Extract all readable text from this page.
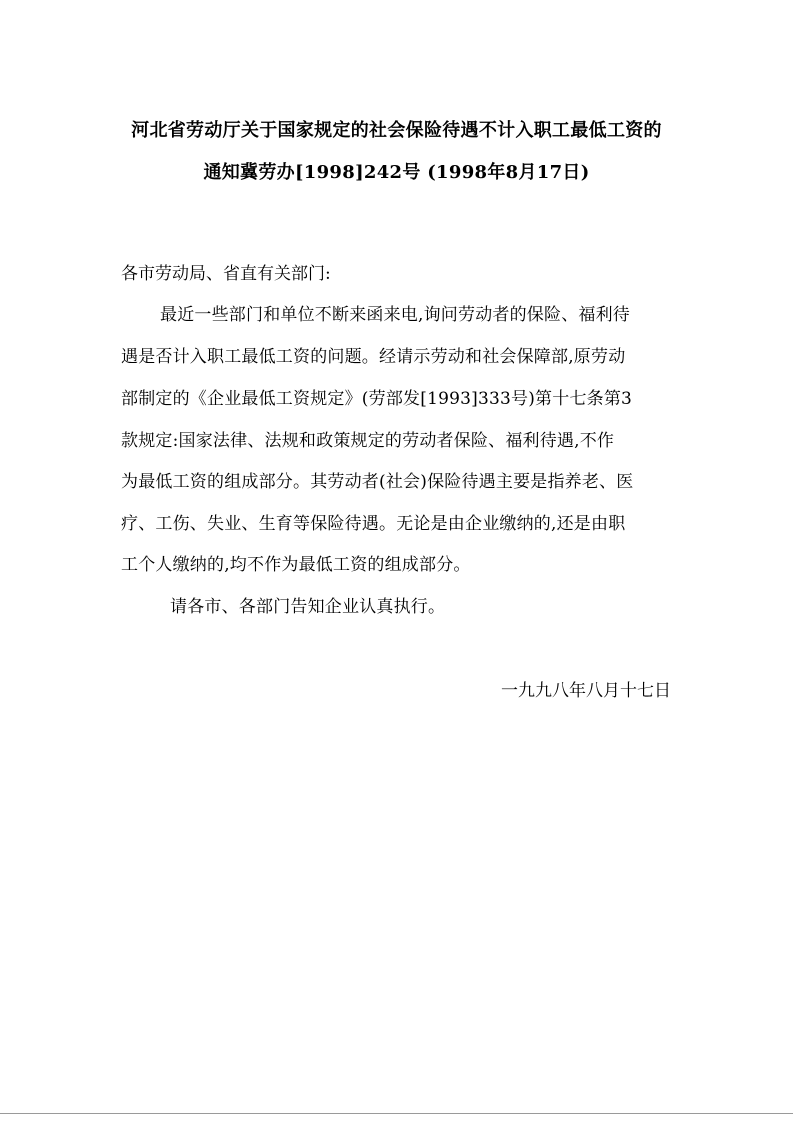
河北省劳动厅关于国家规定的社会保险待遇不计入职工最低工资的
通知冀劳办[1998]242号 (1998年8月17日)
各市劳动局、省直有关部门:
最近一些部门和单位不断来函来电,询问劳动者的保险、福利待
遇是否计入职工最低工资的问题。经请示劳动和社会保障部,原劳动
部制定的《企业最低工资规定》(劳部发[1993]333号)第十七条第3
款规定:国家法律、法规和政策规定的劳动者保险、福利待遇,不作
为最低工资的组成部分。其劳动者(社会)保险待遇主要是指养老、医
疗、工伤、失业、生育等保险待遇。无论是由企业缴纳的,还是由职
工个人缴纳的,均不作为最低工资的组成部分。
请各市、各部门告知企业认真执行。
一九九八年八月十七日
